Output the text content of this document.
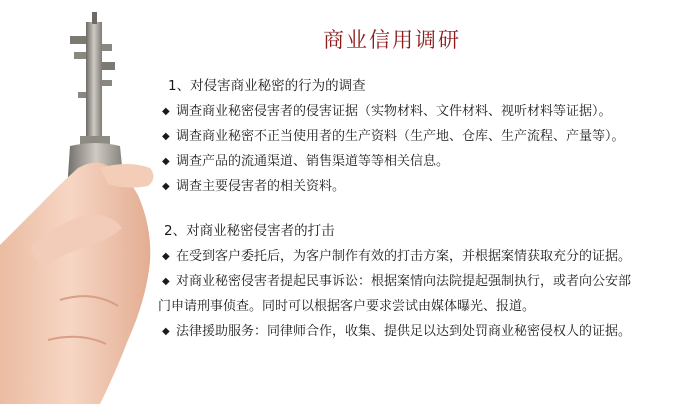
商业信用调研
1、对侵害商业秘密的行为的调查
◆ 调查商业秘密侵害者的侵害证据（实物材料、文件材料、视听材料等证据）。
◆ 调查商业秘密不正当使用者的生产资料（生产地、仓库、生产流程、产量等）。
◆ 调查产品的流通渠道、销售渠道等等相关信息。
◆ 调查主要侵害者的相关资料。
2、对商业秘密侵害者的打击
◆ 在受到客户委托后，为客户制作有效的打击方案，并根据案情获取充分的证据。
◆ 对商业秘密侵害者提起民事诉讼：根据案情向法院提起强制执行，或者向公安部
门申请刑事侦查。同时可以根据客户要求尝试由媒体曝光、报道。
◆ 法律援助服务：同律师合作，收集、提供足以达到处罚商业秘密侵权人的证据。
